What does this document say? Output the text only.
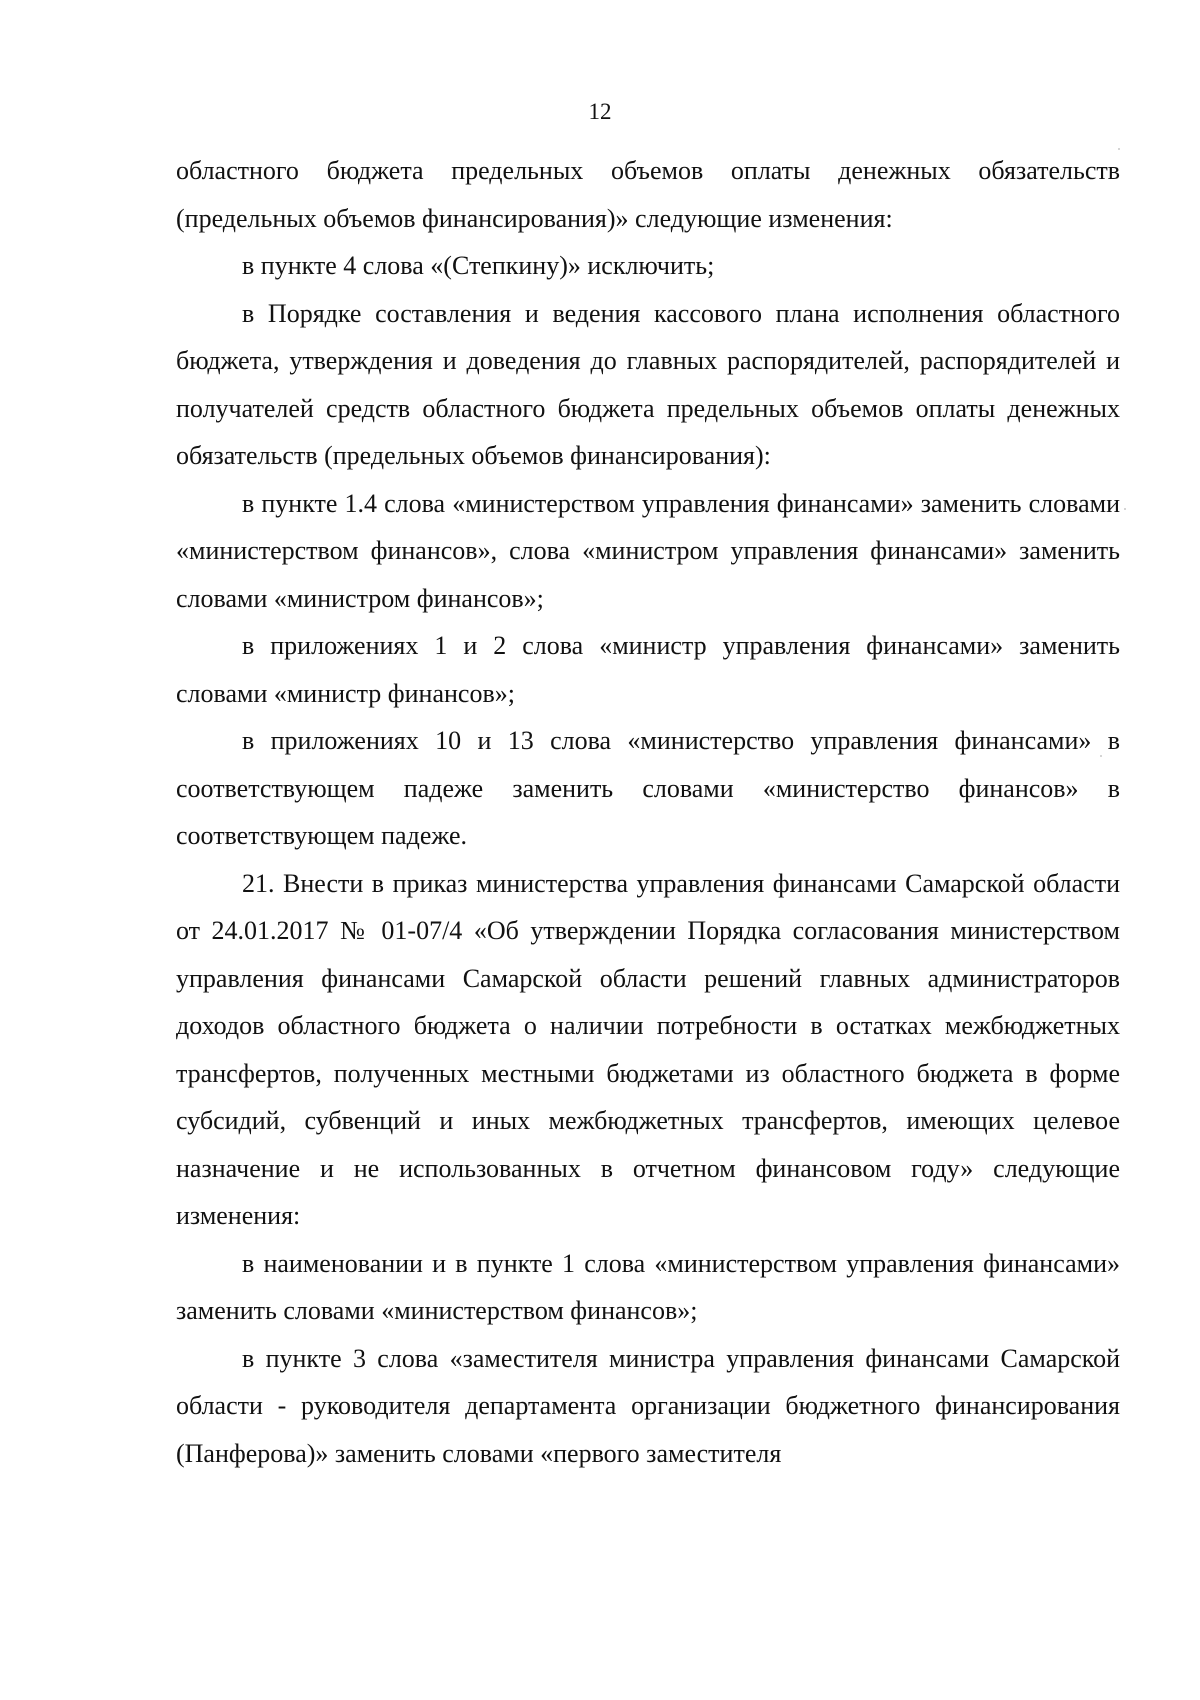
12

областного бюджета предельных объемов оплаты денежных обязательств (предельных объемов финансирования)» следующие изменения:

в пункте 4 слова «(Степкину)» исключить;

в Порядке составления и ведения кассового плана исполнения областного бюджета, утверждения и доведения до главных распорядителей, распорядителей и получателей средств областного бюджета предельных объемов оплаты денежных обязательств (предельных объемов финансирования):

в пункте 1.4 слова «министерством управления финансами» заменить словами «министерством финансов», слова «министром управления финансами» заменить словами «министром финансов»;

в приложениях 1 и 2 слова «министр управления финансами» заменить словами «министр финансов»;

в приложениях 10 и 13 слова «министерство управления финансами» в соответствующем падеже заменить словами «министерство финансов» в соответствующем падеже.

21. Внести в приказ министерства управления финансами Самарской области от 24.01.2017 № 01-07/4 «Об утверждении Порядка согласования министерством управления финансами Самарской области решений главных администраторов доходов областного бюджета о наличии потребности в остатках межбюджетных трансфертов, полученных местными бюджетами из областного бюджета в форме субсидий, субвенций и иных межбюджетных трансфертов, имеющих целевое назначение и не использованных в отчетном финансовом году» следующие изменения:

в наименовании и в пункте 1 слова «министерством управления финансами» заменить словами «министерством финансов»;

в пункте 3 слова «заместителя министра управления финансами Самарской области - руководителя департамента организации бюджетного финансирования (Панферова)» заменить словами «первого заместителя
